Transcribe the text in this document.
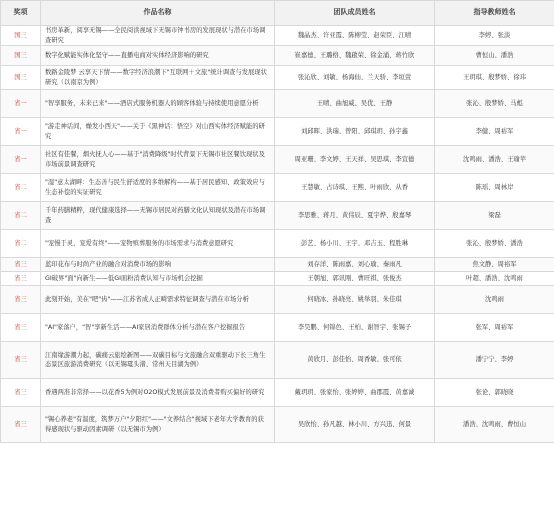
奖项	作品名称	团队成员姓名	指导教师姓名
国三	书房革新，阅享无锡——全民阅读视域下无锡市钟书房的发展现状与潜在市场调查研究	魏晶杰、许亚霞、陈柳莹、赵荣臣、江晴	李婷、张淡
国三	数字化赋能实体化坚守——直播电商对实体经济影响的研究	崔嘉德、王璐格、魏啟荣、徐金涌、蒋竹欣	曹恒山、潘浩
国三	数路金陵梦 云享天下情——数字经济浪潮下"互联网＋文旅"统计调查与发展现状研究（以南京为例）	张沁欣、刘敏、杨海仙、兰天骄、李垣萱	王玥琪、殷梦娇、徐玮
省一	"智享服务，未来已来"——酒店式服务机器人的顾客体验与持续使用意愿分析	王晴、曲旭威、吴优、王静	张沁、殷梦娇、马彪
省一	"游走神话间，燥发小西天"——关于《黑神话：悟空》对山西实体经济赋能的研究	刘邱晖、洪瑞、曾阳、邱琪玥、孙宇鑫	李健、周裕军
省一	社区有佳餐，烟火抚人心——基于"消费降级"时代背景下无锡市社区餐饮现状及市场前景调查研究	周亚珊、李文婷、王天祥、吴思琪、李宣德	沈鸣雨、潘浩、王瑜苹
省二	"湿"意太湖畔：生态善与民生舒适度的多维解构——基于居民感知、政策效应与生态补偿的实证研究	王慧敏、占诗琪、王熙、叶雨欣、从香	陈瑶、周林岸
省二	千年药膳精粹，现代健康选择——无锡市居民对药膳文化认知现状及潜在市场调查	李思雅、蒋月、黄伟辰、夏宇烨、殷嘉琴	梁磊
省二	"宠慢于灵，宠爱有终"——宠物殡葬服务的市场需求与消费意愿研究	彭艺、杨小川、王宇、邓吉玉、程胜琳	张沁、殷梦娇、潘浩
省三	蓝印花布与时尚产业的融合对消费市场的影响	刘存洋、陈雨嘉、刘心瑜、秦雨凡	焦文静、周裕军
省三	GI破界"面"向新生——低GI面粉消费认知与市场机会挖掘	王朝旭、郭讯刚、曹旺祺、张俊杰	叶超、潘浩、沈鸣雨
省三	此刻开始，美在"吧"齿"——江苏省成人正畸需求特征调查与潜在市场分析	何晓冰、孙晓亮、姚举羽、朱佳琪	沈鸣雨
省三	"AI"家落户，"智"享新生活——AI家居消费群体分析与潜在客户挖掘报告	李昊鹏、何锦色、王柏、谢智宇、张锡子	张军、周裕军
省三	江南缘游潮力起，碳痛云旅绘新图——双碳目标与文旅融合双重驱动下长三角生态景区旅游消费研究（以无锡鼋头渚、常州天目湖为例）	黄欣月、彭佳怡、周香敏、张可依	潘宁宁、李婷
省三	香遇两准非常择——以花香5为例对O2O模式发展前景及消费者购买偏好的研究	戴玥玥、张家怡、张婷婷、曲郡霞、黄嘉诚	张论、郭晓晓
省三	"锡心养老"有温度，筑梦万户"夕阳红"——"文养结合"视域下老年大学教育的获得感现状与驱动因素调研（以无锡市为例）	吴欣怡、孙凡越、林小川、方兴迅、何景	潘浩、沈鸣雨、曹恒山
